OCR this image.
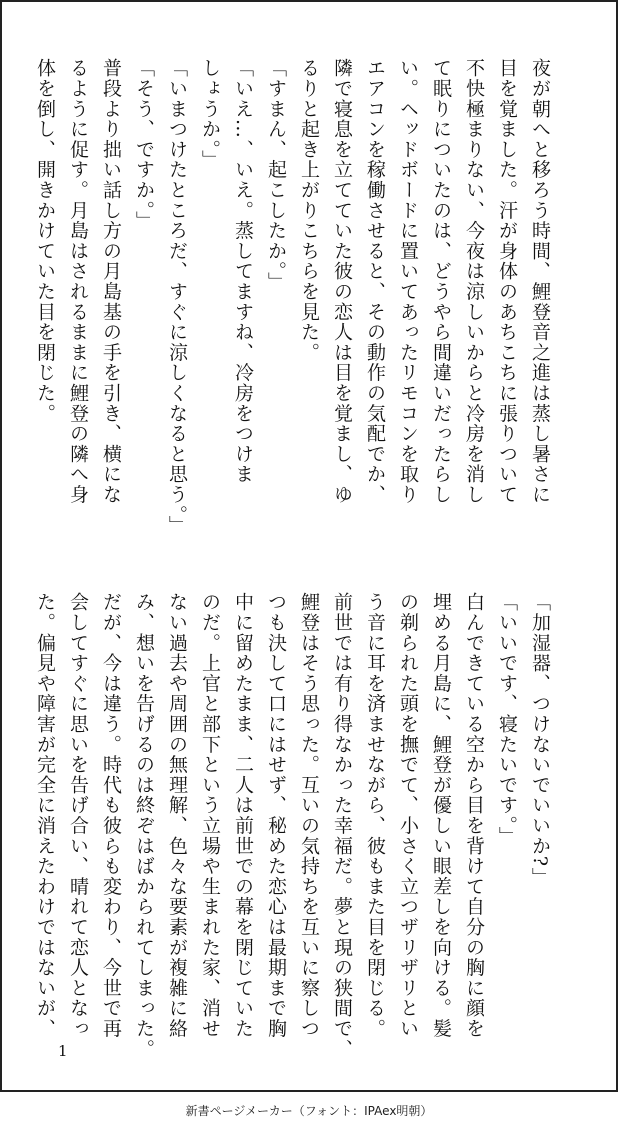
夜が朝へと移ろう時間、鯉登音之進は蒸し暑さに
目を覚ました。汗が身体のあちこちに張りついて
不快極まりない、今夜は涼しいからと冷房を消し
て眠りについたのは、どうやら間違いだったらし
い。ヘッドボードに置いてあったリモコンを取り
エアコンを稼働させると、その動作の気配でか、
隣で寝息を立てていた彼の恋人は目を覚まし、ゆ
るりと起き上がりこちらを見た。
「すまん、起こしたか。」
「いえ…、いえ。蒸してますね、冷房をつけま
しょうか。」
「いまつけたところだ、すぐに涼しくなると思う。」
「そう、ですか。」
普段より拙い話し方の月島基の手を引き、横にな
るように促す。月島はされるままに鯉登の隣へ身
体を倒し、開きかけていた目を閉じた。
「加湿器、つけないでいいか?」
「いいです、寝たいです。」
白んできている空から目を背けて自分の胸に顔を
埋める月島に、鯉登が優しい眼差しを向ける。髪
の剃られた頭を撫でて、小さく立つザリザリとい
う音に耳を済ませながら、彼もまた目を閉じる。
前世では有り得なかった幸福だ。夢と現の狭間で、
鯉登はそう思った。互いの気持ちを互いに察しつ
つも決して口にはせず、秘めた恋心は最期まで胸
中に留めたまま、二人は前世での幕を閉じていた
のだ。上官と部下という立場や生まれた家、消せ
ない過去や周囲の無理解、色々な要素が複雑に絡
み、想いを告げるのは終ぞはばかられてしまった。
だが、今は違う。時代も彼らも変わり、今世で再
会してすぐに思いを告げ合い、晴れて恋人となっ
た。偏見や障害が完全に消えたわけではないが、
1
新書ページメーカー（フォント：IPAex明朝）
